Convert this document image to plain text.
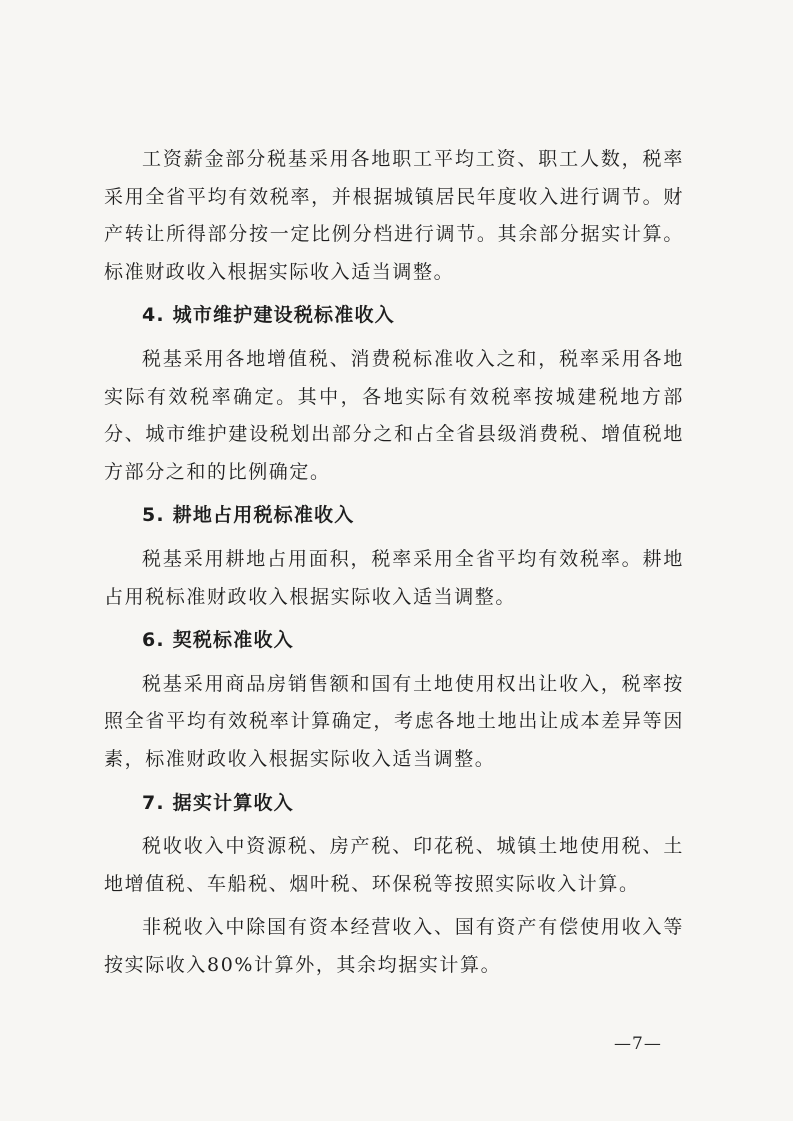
工资薪金部分税基采用各地职工平均工资、职工人数，税率采用全省平均有效税率，并根据城镇居民年度收入进行调节。财产转让所得部分按一定比例分档进行调节。其余部分据实计算。标准财政收入根据实际收入适当调整。

4. 城市维护建设税标准收入

税基采用各地增值税、消费税标准收入之和，税率采用各地实际有效税率确定。其中，各地实际有效税率按城建税地方部分、城市维护建设税划出部分之和占全省县级消费税、增值税地方部分之和的比例确定。

5. 耕地占用税标准收入

税基采用耕地占用面积，税率采用全省平均有效税率。耕地占用税标准财政收入根据实际收入适当调整。

6. 契税标准收入

税基采用商品房销售额和国有土地使用权出让收入，税率按照全省平均有效税率计算确定，考虑各地土地出让成本差异等因素，标准财政收入根据实际收入适当调整。

7. 据实计算收入

税收收入中资源税、房产税、印花税、城镇土地使用税、土地增值税、车船税、烟叶税、环保税等按照实际收入计算。

非税收入中除国有资本经营收入、国有资产有偿使用收入等按实际收入80%计算外，其余均据实计算。

—7—
